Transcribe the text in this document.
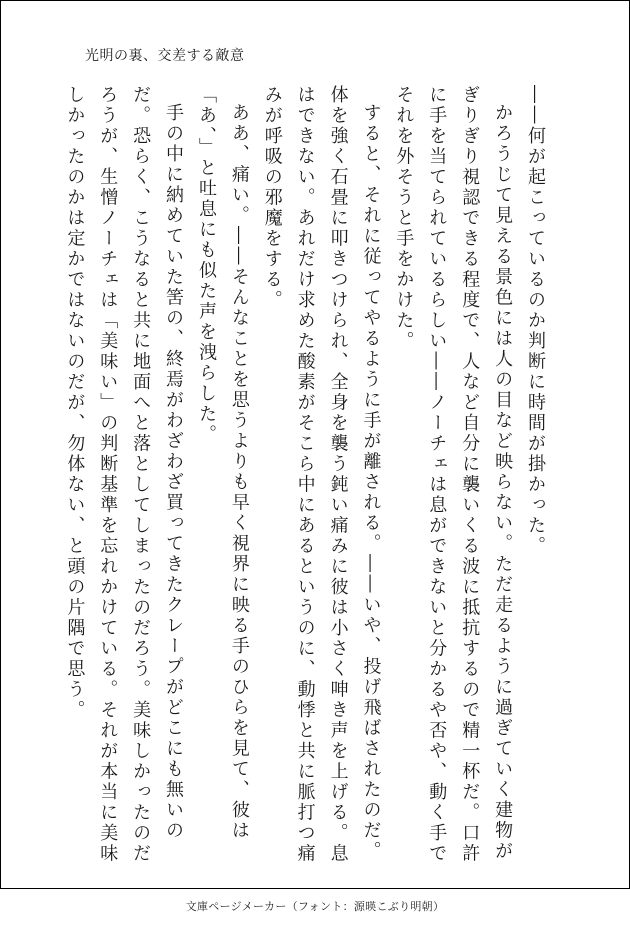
光明の裏、交差する敵意

――何が起こっているのか判断に時間が掛かった。

かろうじて見える景色には人の目など映らない。ただ走るように過ぎていく建物がぎりぎり視認できる程度で、人など自分に襲いくる波に抵抗するので精一杯だ。口許に手を当てられているらしい――ノーチェは息ができないと分かるや否や、動く手でそれを外そうと手をかけた。

すると、それに従ってやるように手が離される。――いや、投げ飛ばされたのだ。体を強く石畳に叩きつけられ、全身を襲う鈍い痛みに彼は小さく呻き声を上げる。息はできない。あれだけ求めた酸素がそこら中にあるというのに、動悸と共に脈打つ痛みが呼吸の邪魔をする。

ああ、痛い。――そんなことを思うよりも早く視界に映る手のひらを見て、彼は「あ、」と吐息にも似た声を洩らした。

手の中に納めていた筈の、終焉がわざわざ買ってきたクレープがどこにも無いのだ。恐らく、こうなると共に地面へと落としてしまったのだろう。美味しかったのだろうが、生憎ノーチェは「美味い」の判断基準を忘れかけている。それが本当に美味しかったのかは定かではないのだが、勿体ない、と頭の片隅で思う。

文庫ページメーカー（フォント：源暎こぶり明朝）
